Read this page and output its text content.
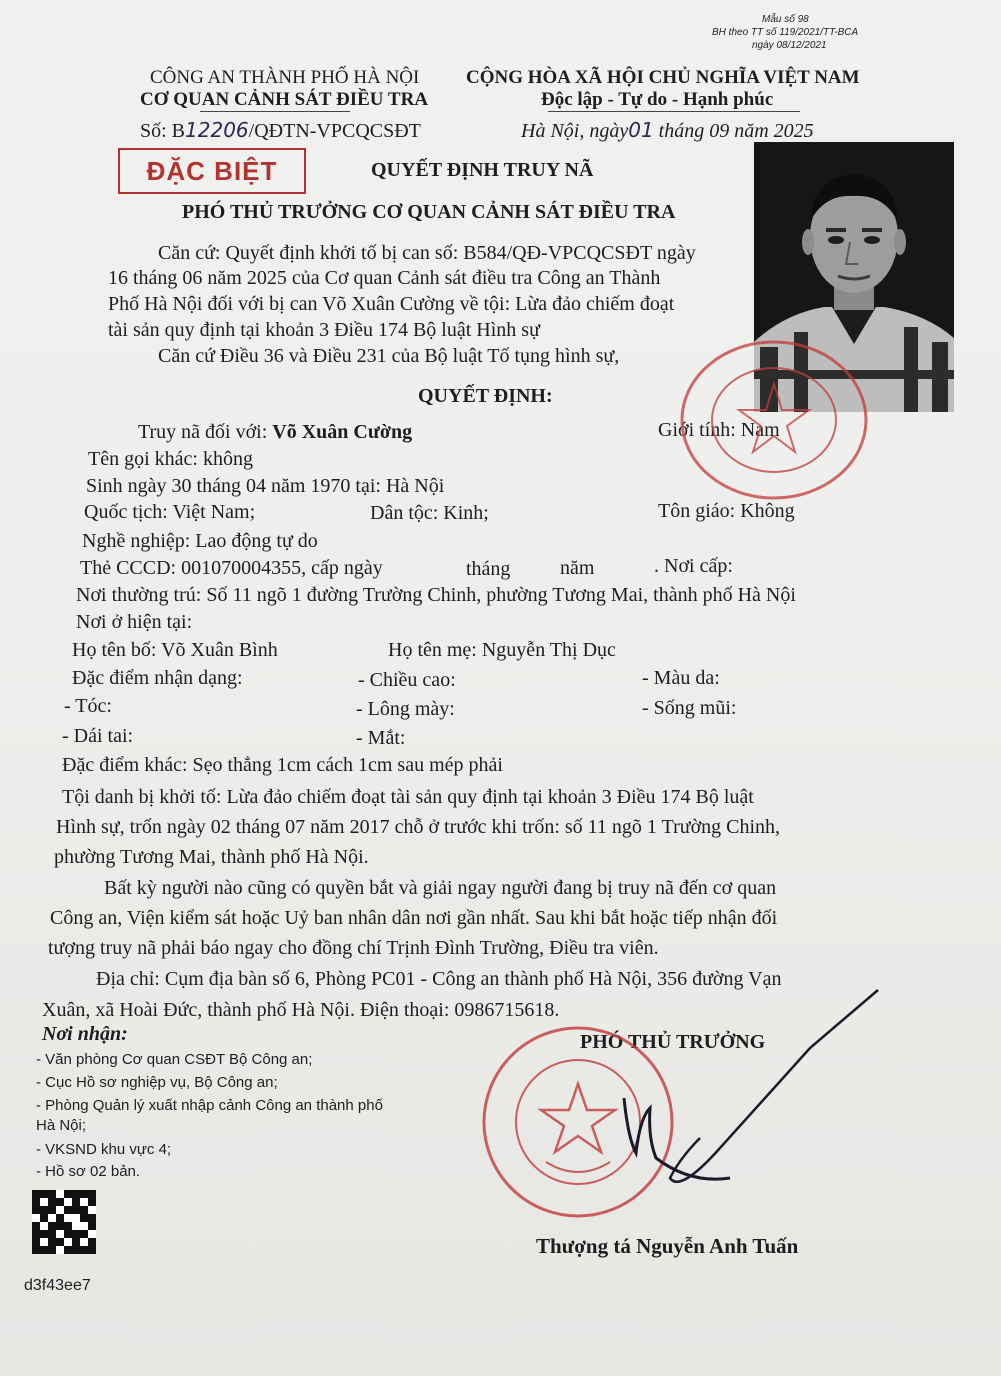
Mẫu số 98
BH theo TT số 119/2021/TT-BCA
ngày 08/12/2021
CÔNG AN THÀNH PHỐ HÀ NỘI
CƠ QUAN CẢNH SÁT ĐIỀU TRA
Số: B12206/QĐTN-VPCQCSĐT
CỘNG HÒA XÃ HỘI CHỦ NGHĨA VIỆT NAM
Độc lập - Tự do - Hạnh phúc
Hà Nội, ngày01 tháng 09 năm 2025
ĐẶC BIỆT	QUYẾT ĐỊNH TRUY NÃ
PHÓ THỦ TRƯỞNG CƠ QUAN CẢNH SÁT ĐIỀU TRA
Căn cứ: Quyết định khởi tố bị can số: B584/QĐ-VPCQCSĐT ngày
16 tháng 06 năm 2025 của Cơ quan Cảnh sát điều tra Công an Thành
Phố Hà Nội đối với bị can Võ Xuân Cường về tội: Lừa đảo chiếm đoạt
tài sản quy định tại khoản 3 Điều 174 Bộ luật Hình sự
Căn cứ Điều 36 và Điều 231 của Bộ luật Tố tụng hình sự,
QUYẾT ĐỊNH:
Truy nã đối với: Võ Xuân Cường	Giới tính: Nam
Tên gọi khác: không
Sinh ngày 30 tháng 04 năm 1970 tại: Hà Nội
Quốc tịch: Việt Nam;	Dân tộc: Kinh;	Tôn giáo: Không
Nghề nghiệp: Lao động tự do
Thẻ CCCD: 001070004355, cấp ngày	tháng năm	. Nơi cấp:
Nơi thường trú: Số 11 ngõ 1 đường Trường Chinh, phường Tương Mai, thành phố Hà Nội
Nơi ở hiện tại:
Họ tên bố: Võ Xuân Bình	Họ tên mẹ: Nguyễn Thị Dục
Đặc điểm nhận dạng:	- Chiều cao:	- Màu da:
- Tóc:	- Lông mày:	- Sống mũi:
- Dái tai:	- Mắt:
Đặc điểm khác: Sẹo thẳng 1cm cách 1cm sau mép phải
Tội danh bị khởi tố: Lừa đảo chiếm đoạt tài sản quy định tại khoản 3 Điều 174 Bộ luật
Hình sự, trốn ngày 02 tháng 07 năm 2017 chỗ ở trước khi trốn: số 11 ngõ 1 Trường Chinh,
phường Tương Mai, thành phố Hà Nội.
Bất kỳ người nào cũng có quyền bắt và giải ngay người đang bị truy nã đến cơ quan
Công an, Viện kiểm sát hoặc Uỷ ban nhân dân nơi gần nhất. Sau khi bắt hoặc tiếp nhận đối
tượng truy nã phải báo ngay cho đồng chí Trịnh Đình Trường, Điều tra viên.
Địa chỉ: Cụm địa bàn số 6, Phòng PC01 - Công an thành phố Hà Nội, 356 đường Vạn
Xuân, xã Hoài Đức, thành phố Hà Nội. Điện thoại: 0986715618.
Nơi nhận:
- Văn phòng Cơ quan CSĐT Bộ Công an;
- Cục Hồ sơ nghiệp vụ, Bộ Công an;
- Phòng Quản lý xuất nhập cảnh Công an thành phố
Hà Nội;
- VKSND khu vực 4;
- Hồ sơ 02 bản.
d3f43ee7
PHÓ THỦ TRƯỞNG
Thượng tá Nguyễn Anh Tuấn
